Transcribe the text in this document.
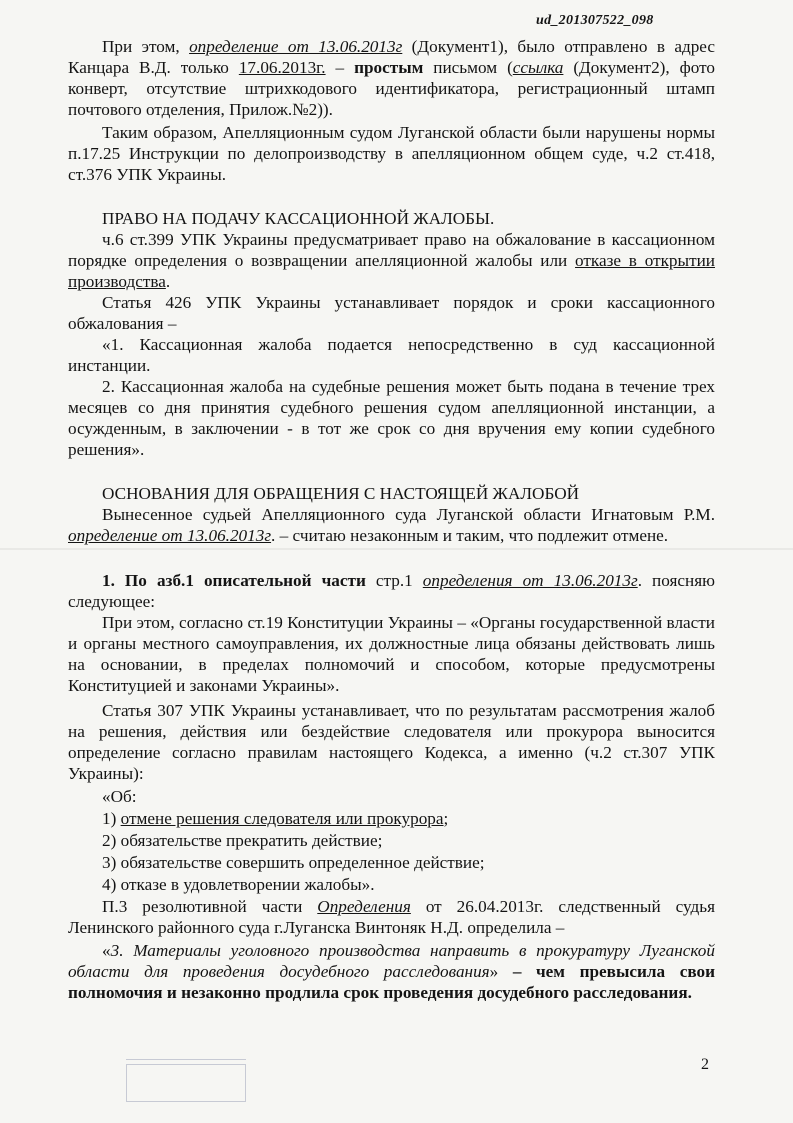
ud_201307522_098

При этом, определение от 13.06.2013г (Документ1), было отправлено в адрес Канцара В.Д. только 17.06.2013г. – простым письмом (ссылка (Документ2), фото конверт, отсутствие штрихкодового идентификатора, регистрационный штамп почтового отделения, Прилож.№2)).

Таким образом, Апелляционным судом Луганской области были нарушены нормы п.17.25 Инструкции по делопроизводству в апелляционном общем суде, ч.2 ст.418, ст.376 УПК Украины.

ПРАВО НА ПОДАЧУ КАССАЦИОННОЙ ЖАЛОБЫ.

ч.6 ст.399 УПК Украины предусматривает право на обжалование в кассационном порядке определения о возвращении апелляционной жалобы или отказе в открытии производства.

Статья 426 УПК Украины устанавливает порядок и сроки кассационного обжалования –

«1. Кассационная жалоба подается непосредственно в суд кассационной инстанции.

2. Кассационная жалоба на судебные решения может быть подана в течение трех месяцев со дня принятия судебного решения судом апелляционной инстанции, а осужденным, в заключении - в тот же срок со дня вручения ему копии судебного решения».

ОСНОВАНИЯ ДЛЯ ОБРАЩЕНИЯ С НАСТОЯЩЕЙ ЖАЛОБОЙ

Вынесенное судьей Апелляционного суда Луганской области Игнатовым Р.М. определение от 13.06.2013г. – считаю незаконным и таким, что подлежит отмене.

1. По азб.1 описательной части стр.1 определения от 13.06.2013г. поясняю следующее:

При этом, согласно ст.19 Конституции Украины – «Органы государственной власти и органы местного самоуправления, их должностные лица обязаны действовать лишь на основании, в пределах полномочий и способом, которые предусмотрены Конституцией и законами Украины».

Статья 307 УПК Украины устанавливает, что по результатам рассмотрения жалоб на решения, действия или бездействие следователя или прокурора выносится определение согласно правилам настоящего Кодекса, а именно (ч.2 ст.307 УПК Украины):

«Об:

1) отмене решения следователя или прокурора;

2) обязательстве прекратить действие;

3) обязательстве совершить определенное действие;

4) отказе в удовлетворении жалобы».

П.3 резолютивной части Определения от 26.04.2013г. следственный судья Ленинского районного суда г.Луганска Винтоняк Н.Д. определила –

«3. Материалы уголовного производства направить в прокуратуру Луганской области для проведения досудебного расследования» – чем превысила свои полномочия и незаконно продлила срок проведения досудебного расследования.

2
